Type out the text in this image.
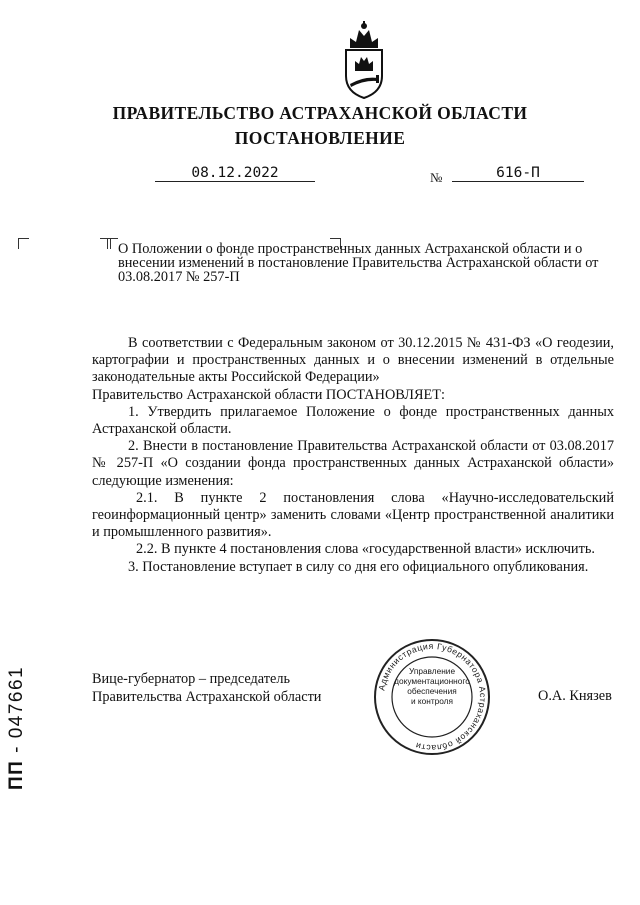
ПРАВИТЕЛЬСТВО АСТРАХАНСКОЙ ОБЛАСТИ
ПОСТАНОВЛЕНИЕ
08.12.2022	№	616-П
О Положении о фонде пространственных данных Астраханской области и о внесении изменений в постановление Правительства Астраханской области от 03.08.2017 № 257-П

В соответствии с Федеральным законом от 30.12.2015 № 431-ФЗ «О геодезии, картографии и пространственных данных и о внесении изменений в отдельные законодательные акты Российской Федерации»

Правительство Астраханской области ПОСТАНОВЛЯЕТ:

1. Утвердить прилагаемое Положение о фонде пространственных данных Астраханской области.

2. Внести в постановление Правительства Астраханской области от 03.08.2017 № 257-П «О создании фонда пространственных данных Астраханской области» следующие изменения:

2.1. В пункте 2 постановления слова «Научно-исследовательский геоинформационный центр» заменить словами «Центр пространственной аналитики и промышленного развития».

2.2. В пункте 4 постановления слова «государственной власти» исключить.

3. Постановление вступает в силу со дня его официального опубликования.

Вице-губернатор – председатель
Правительства Астраханской области	О.А. Князев
Администрация Губернатора Астраханской области
Управление
документационного
обеспечения
и контроля
ПП - 047661
